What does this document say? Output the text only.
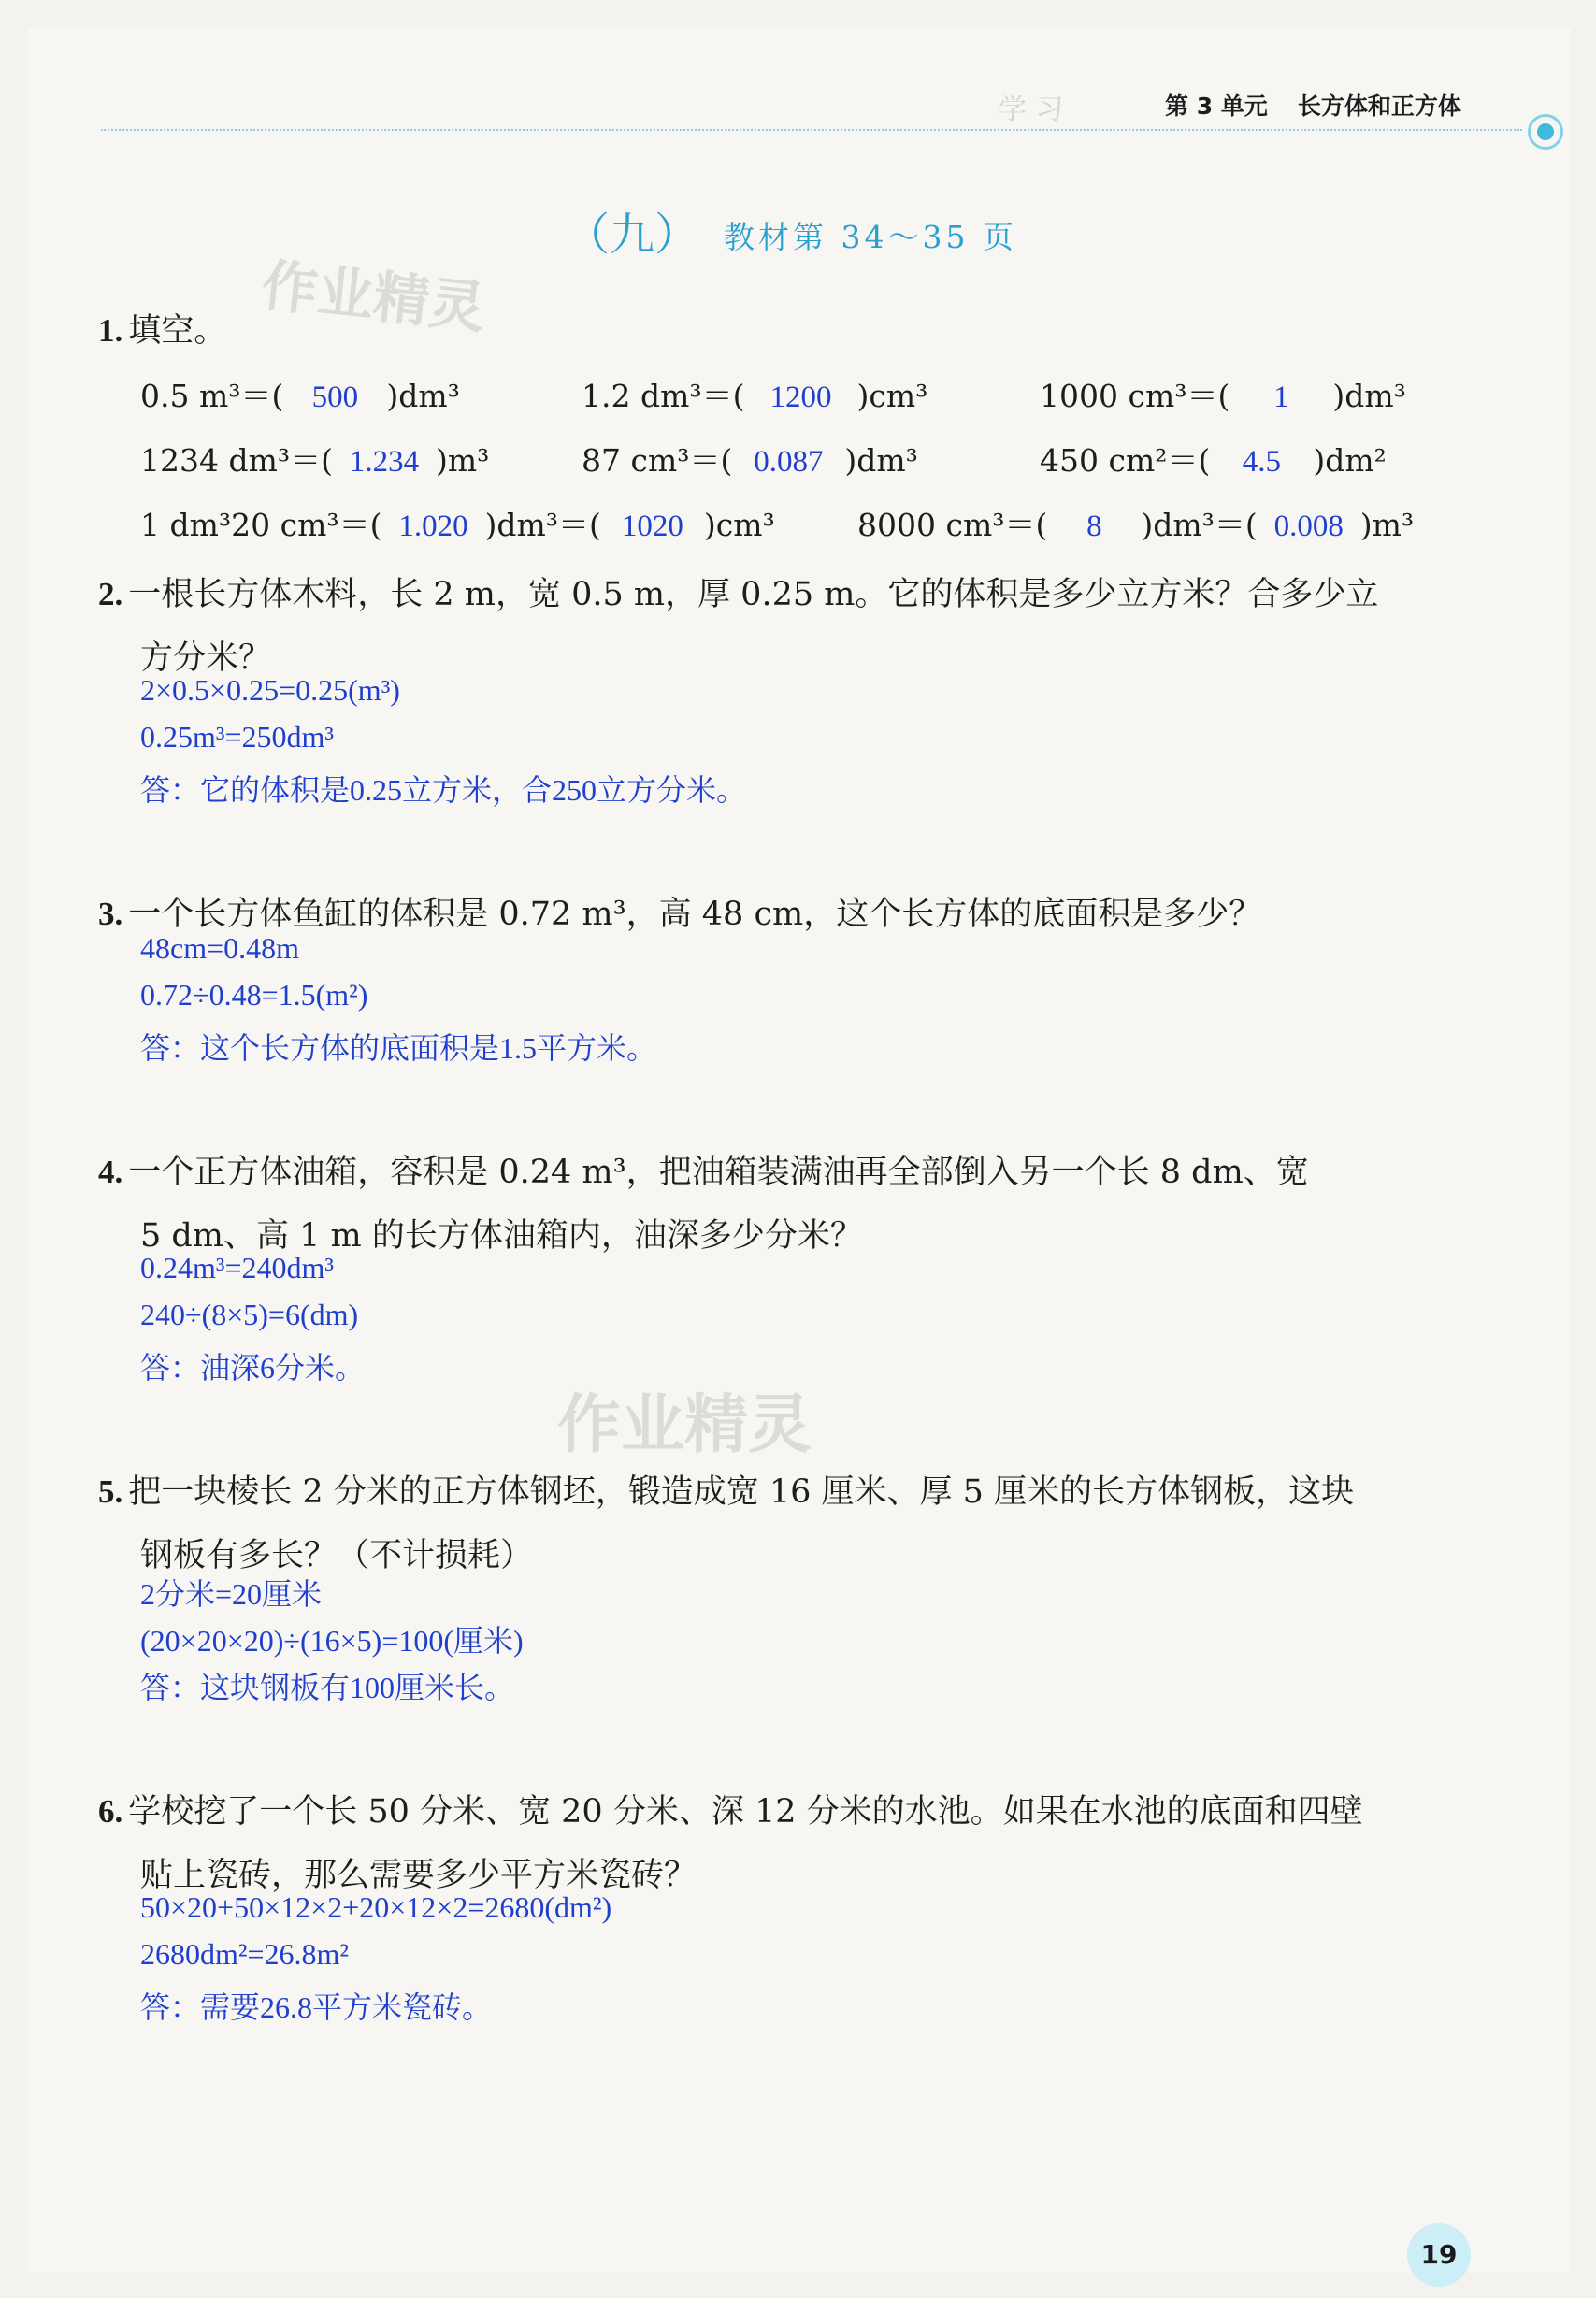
学 习	第 3 单元 长方体和正方体
（九） 教材第 34～35 页
作业精灵
作业精灵
1. 填空。
0.5 m³＝( 500 )dm³	1.2 dm³＝( 1200 )cm³	1000 cm³＝( 1 )dm³
1234 dm³＝( 1.234 )m³	87 cm³＝( 0.087 )dm³	450 cm²＝( 4.5 )dm²
1 dm³20 cm³＝( 1.020 )dm³＝( 1020 )cm³	8000 cm³＝( 8 )dm³＝( 0.008 )m³
2. 一根长方体木料，长 2 m，宽 0.5 m，厚 0.25 m。它的体积是多少立方米？合多少立
方分米？
2×0.5×0.25=0.25(m³)
0.25m³=250dm³
答：它的体积是0.25立方米，合250立方分米。
3. 一个长方体鱼缸的体积是 0.72 m³，高 48 cm，这个长方体的底面积是多少？
48cm=0.48m
0.72÷0.48=1.5(m²)
答：这个长方体的底面积是1.5平方米。
4. 一个正方体油箱，容积是 0.24 m³，把油箱装满油再全部倒入另一个长 8 dm、宽
5 dm、高 1 m 的长方体油箱内，油深多少分米？
0.24m³=240dm³
240÷(8×5)=6(dm)
答：油深6分米。
5. 把一块棱长 2 分米的正方体钢坯，锻造成宽 16 厘米、厚 5 厘米的长方体钢板，这块
钢板有多长？（不计损耗）
2分米=20厘米
(20×20×20)÷(16×5)=100(厘米)
答：这块钢板有100厘米长。
6. 学校挖了一个长 50 分米、宽 20 分米、深 12 分米的水池。如果在水池的底面和四壁
贴上瓷砖，那么需要多少平方米瓷砖？
50×20+50×12×2+20×12×2=2680(dm²)
2680dm²=26.8m²
答：需要26.8平方米瓷砖。
19
